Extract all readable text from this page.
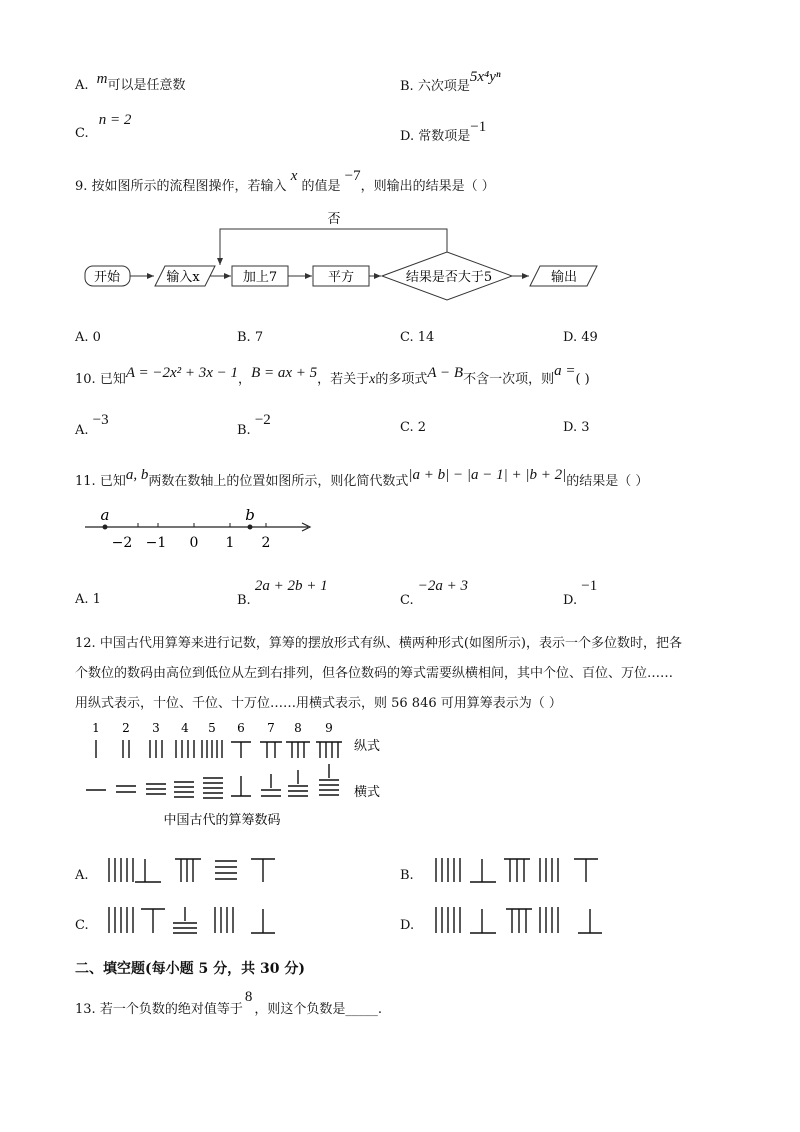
A. m可以是任意数	B. 六次项是5x⁴yⁿ
C. n = 2
D. 常数项是−1
9. 按如图所示的流程图操作，若输入 x 的值是 −7，则输出的结果是（ ）
开始	输入x	加上7	平方	结果是否大于5	输出
否
A. 0	B. 7	C. 14	D. 49
10. 已知A = −2x² + 3x − 1，B = ax + 5，若关于x的多项式A − B不含一次项，则a =( )
A. −3
B. −2	C. 2	D. 3
11. 已知a, b两数在数轴上的位置如图所示，则化简代数式|a + b| − |a − 1| + |b + 2|的结果是（ ）
a	b
−2 −1 0 1 2
A. 1	B. 2a + 2b + 1
C. −2a + 3
D. −1
12. 中国古代用算筹来进行记数，算筹的摆放形式有纵、横两种形式(如图所示)，表示一个多位数时，把各
个数位的数码由高位到低位从左到右排列，但各位数码的筹式需要纵横相间，其中个位、百位、万位……
用纵式表示，十位、千位、十万位……用横式表示，则 56 846 可用算筹表示为（ ）
1 2 3 4 5 6 7 8 9
纵式
横式
中国古代的算筹数码
A.	B.
C.	D.
二、填空题(每小题 5 分，共 30 分)
13. 若一个负数的绝对值等于8，则这个负数是_____.
